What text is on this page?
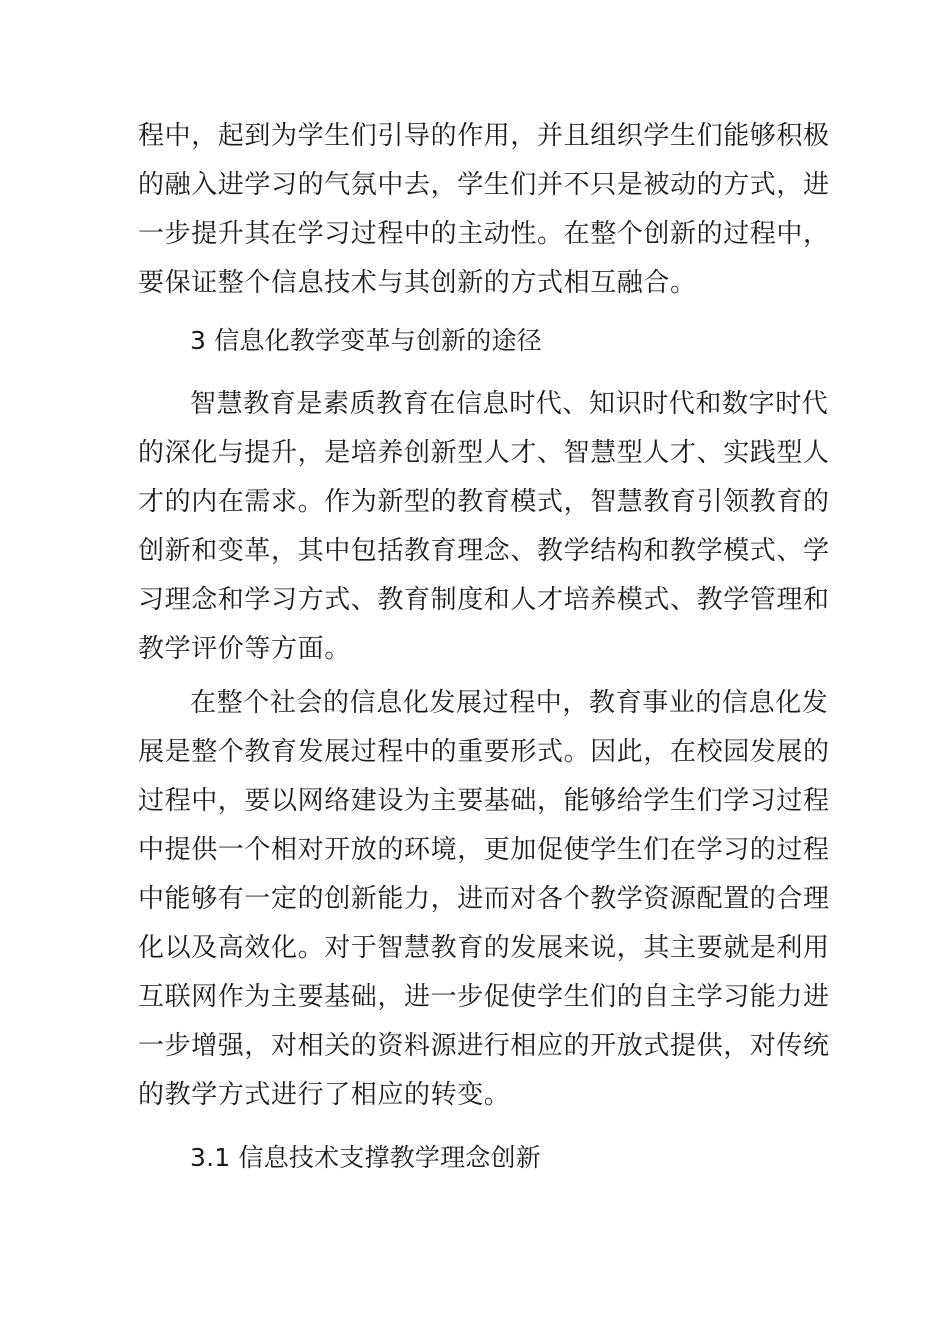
程中，起到为学生们引导的作用，并且组织学生们能够积极
的融入进学习的气氛中去，学生们并不只是被动的方式，进
一步提升其在学习过程中的主动性。在整个创新的过程中，
要保证整个信息技术与其创新的方式相互融合。
3 信息化教学变革与创新的途径
智慧教育是素质教育在信息时代、知识时代和数字时代
的深化与提升，是培养创新型人才、智慧型人才、实践型人
才的内在需求。作为新型的教育模式，智慧教育引领教育的
创新和变革，其中包括教育理念、教学结构和教学模式、学
习理念和学习方式、教育制度和人才培养模式、教学管理和
教学评价等方面。
在整个社会的信息化发展过程中，教育事业的信息化发
展是整个教育发展过程中的重要形式。因此，在校园发展的
过程中，要以网络建设为主要基础，能够给学生们学习过程
中提供一个相对开放的环境，更加促使学生们在学习的过程
中能够有一定的创新能力，进而对各个教学资源配置的合理
化以及高效化。对于智慧教育的发展来说，其主要就是利用
互联网作为主要基础，进一步促使学生们的自主学习能力进
一步增强，对相关的资料源进行相应的开放式提供，对传统
的教学方式进行了相应的转变。
3.1 信息技术支撑教学理念创新
